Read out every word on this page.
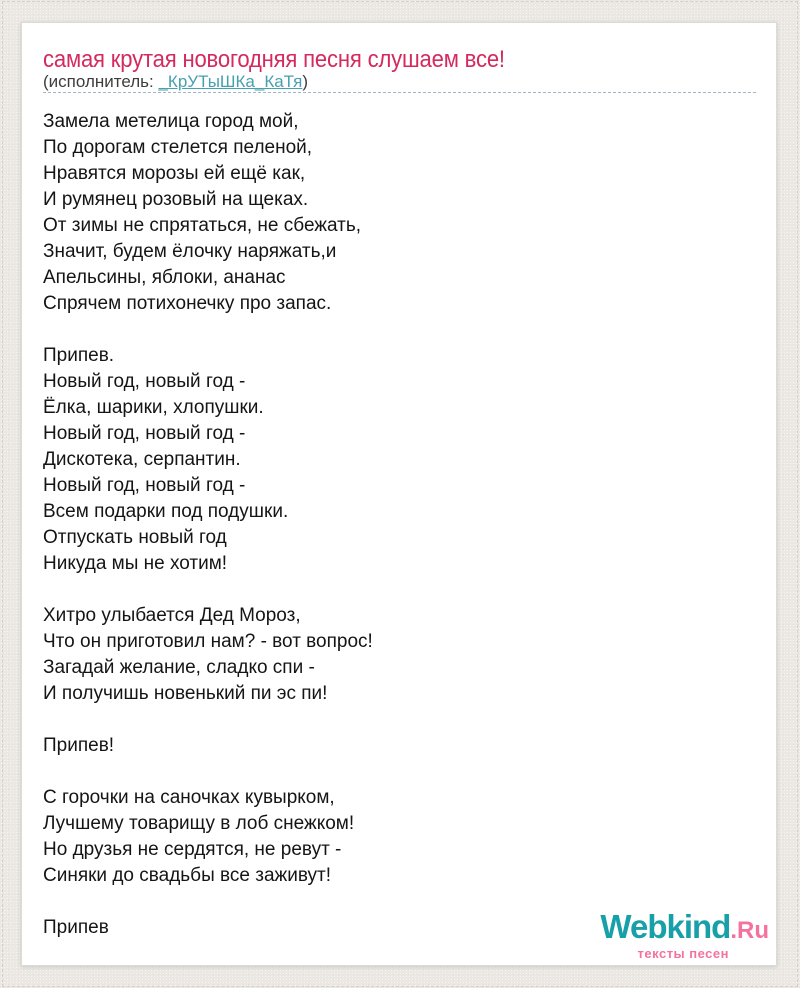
самая крутая новогодняя песня слушаем все!
(исполнитель: _КрУТыШКа_КаТя)
Замела метелица город мой,
По дорогам стелется пеленой,
Нравятся морозы ей ещё как,
И румянец розовый на щеках.
От зимы не спрятаться, не сбежать,
Значит, будем ёлочку наряжать,и
Апельсины, яблоки, ананас
Спрячем потихонечку про запас.

Припев.
Новый год, новый год -
Ёлка, шарики, хлопушки.
Новый год, новый год -
Дискотека, серпантин.
Новый год, новый год -
Всем подарки под подушки.
Отпускать новый год
Никуда мы не хотим!

Хитро улыбается Дед Мороз,
Что он приготовил нам? - вот вопрос!
Загадай желание, сладко спи -
И получишь новенький пи эс пи!

Припев!

С горочки на саночках кувырком,
Лучшему товарищу в лоб снежком!
Но друзья не сердятся, не ревут -
Синяки до свадьбы все заживут!

Припев	Webkind.Ru
тексты песен
